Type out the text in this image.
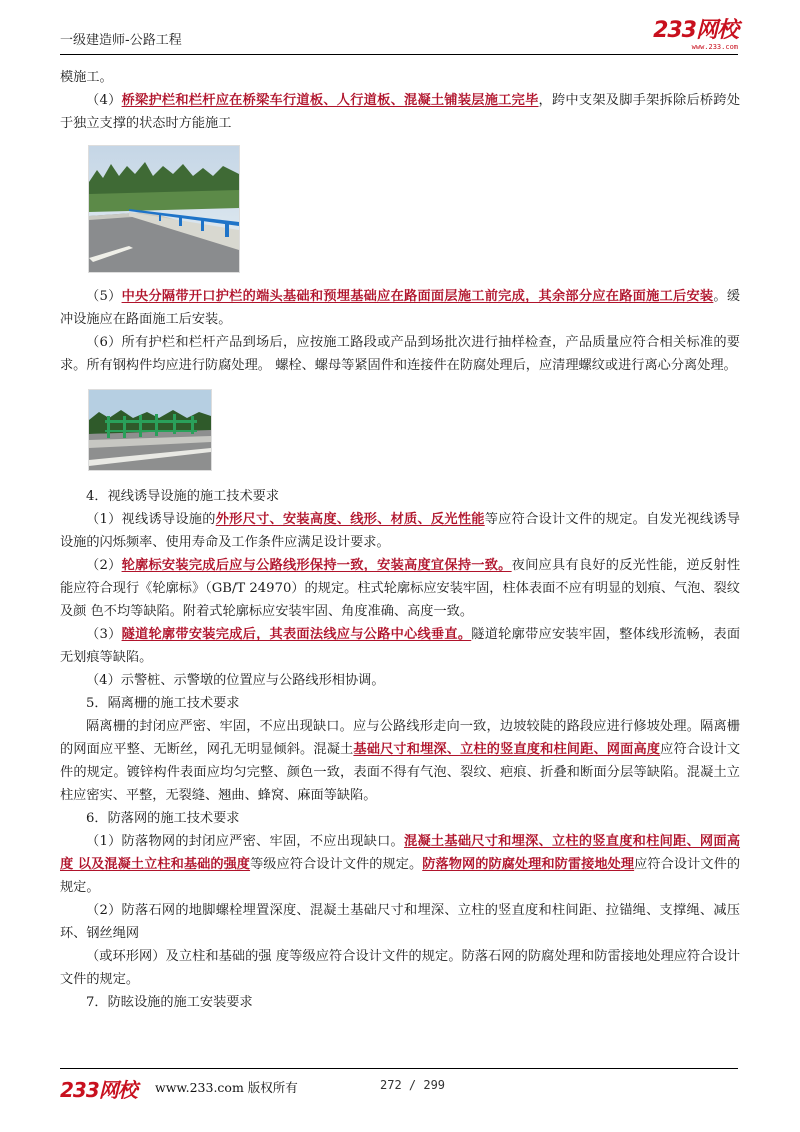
一级建造师-公路工程	233网校
www.233.com

模施工。

（4）桥梁护栏和栏杆应在桥梁车行道板、人行道板、混凝土铺装层施工完毕，跨中支架及脚手架拆除后桥跨处于独立支撑的状态时方能施工

（5）中央分隔带开口护栏的端头基础和预埋基础应在路面面层施工前完成，其余部分应在路面施工后安装。缓冲设施应在路面施工后安装。

（6）所有护栏和栏杆产品到场后，应按施工路段或产品到场批次进行抽样检查，产品质量应符合相关标准的要求。所有钢构件均应进行防腐处理。 螺栓、螺母等紧固件和连接件在防腐处理后，应清理螺纹或进行离心分离处理。

4．视线诱导设施的施工技术要求

（1）视线诱导设施的外形尺寸、安装高度、线形、材质、反光性能等应符合设计文件的规定。自发光视线诱导设施的闪烁频率、使用寿命及工作条件应满足设计要求。

（2）轮廓标安装完成后应与公路线形保持一致，安装高度宜保持一致。夜间应具有良好的反光性能，逆反射性能应符合现行《轮廓标》（GB/T 24970）的规定。柱式轮廓标应安装牢固，柱体表面不应有明显的划痕、气泡、裂纹及颜 色不均等缺陷。附着式轮廓标应安装牢固、角度准确、高度一致。

（3）隧道轮廓带安装完成后，其表面法线应与公路中心线垂直。隧道轮廓带应安装牢固，整体线形流畅，表面无划痕等缺陷。

（4）示警桩、示警墩的位置应与公路线形相协调。

5．隔离栅的施工技术要求

隔离栅的封闭应严密、牢固，不应出现缺口。应与公路线形走向一致，边坡较陡的路段应进行修坡处理。隔离栅的网面应平整、无断丝，网孔无明显倾斜。混凝土基础尺寸和埋深、立柱的竖直度和柱间距、网面高度应符合设计文件的规定。镀锌构件表面应均匀完整、颜色一致，表面不得有气泡、裂纹、疤痕、折叠和断面分层等缺陷。混凝土立柱应密实、平整，无裂缝、翘曲、蜂窝、麻面等缺陷。

6．防落网的施工技术要求

（1）防落物网的封闭应严密、牢固，不应出现缺口。混凝土基础尺寸和埋深、立柱的竖直度和柱间距、网面高度 以及混凝土立柱和基础的强度等级应符合设计文件的规定。防落物网的防腐处理和防雷接地处理应符合设计文件的规定。

（2）防落石网的地脚螺栓埋置深度、混凝土基础尺寸和埋深、立柱的竖直度和柱间距、拉锚绳、支撑绳、减压环、钢丝绳网

（或环形网）及立柱和基础的强 度等级应符合设计文件的规定。防落石网的防腐处理和防雷接地处理应符合设计文件的规定。

7．防眩设施的施工安装要求

233网校 www.233.com 版权所有	272 / 299
